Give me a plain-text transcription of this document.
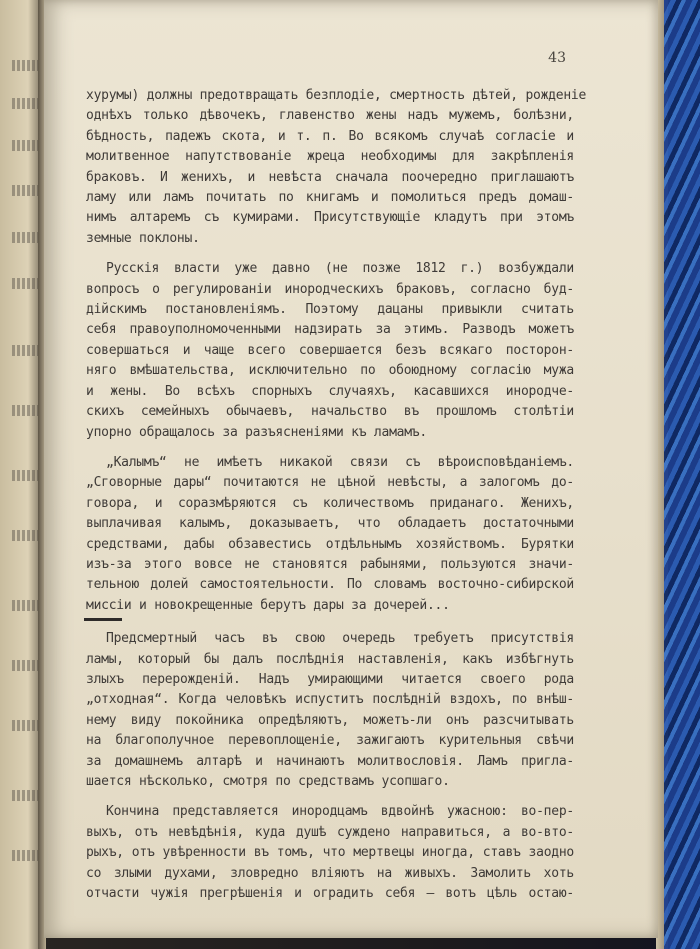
43
хурумы) должны предотвращать безплодіе, смертность дѣтей, рожденіе
однѣхъ только дѣвочекъ, главенство жены надъ мужемъ, болѣзни,
бѣдность, падежъ скота, и т. п. Во всякомъ случаѣ согласіе и
молитвенное напутствованіе жреца необходимы для закрѣпленія
браковъ. И женихъ, и невѣста сначала поочередно приглашаютъ
ламу или ламъ почитать по книгамъ и помолиться предъ домаш-
нимъ алтаремъ съ кумирами. Присутствующіе кладутъ при этомъ
земные поклоны.
Русскія власти уже давно (не позже 1812 г.) возбуждали
вопросъ о регулированіи инородческихъ браковъ, согласно буд-
дійскимъ постановленіямъ. Поэтому дацаны привыкли считать
себя правоуполномоченными надзирать за этимъ. Разводъ можетъ
совершаться и чаще всего совершается безъ всякаго посторон-
няго вмѣшательства, исключительно по обоюдному согласію мужа
и жены. Во всѣхъ спорныхъ случаяхъ, касавшихся инородче-
скихъ семейныхъ обычаевъ, начальство въ прошломъ столѣтіи
упорно обращалось за разъясненіями къ ламамъ.
„Калымъ“ не имѣетъ никакой связи съ вѣроисповѣданіемъ.
„Сговорные дары“ почитаются не цѣной невѣсты, а залогомъ до-
говора, и соразмѣряются съ количествомъ приданаго. Женихъ,
выплачивая калымъ, доказываетъ, что обладаетъ достаточными
средствами, дабы обзавестись отдѣльнымъ хозяйствомъ. Бурятки
изъ-за этого вовсе не становятся рабынями, пользуются значи-
тельною долей самостоятельности. По словамъ восточно-сибирской
миссіи и новокрещенные берутъ дары за дочерей...
Предсмертный часъ въ свою очередь требуетъ присутствія
ламы, который бы далъ послѣднія наставленія, какъ избѣгнуть
злыхъ перерожденій. Надъ умирающими читается своего рода
„отходная“. Когда человѣкъ испуститъ послѣдній вздохъ, по внѣш-
нему виду покойника опредѣляютъ, можетъ-ли онъ разсчитывать
на благополучное перевоплощеніе, зажигаютъ курительныя свѣчи
за домашнемъ алтарѣ и начинаютъ молитвословія. Ламъ пригла-
шается нѣсколько, смотря по средствамъ усопшаго.
Кончина представляется инородцамъ вдвойнѣ ужасною: во-пер-
выхъ, отъ невѣдѣнія, куда душѣ суждено направиться, а во-вто-
рыхъ, отъ увѣренности въ томъ, что мертвецы иногда, ставъ заодно
со злыми духами, зловредно вліяютъ на живыхъ. Замолить хоть
отчасти чужія прегрѣшенія и оградить себя — вотъ цѣль остаю-
